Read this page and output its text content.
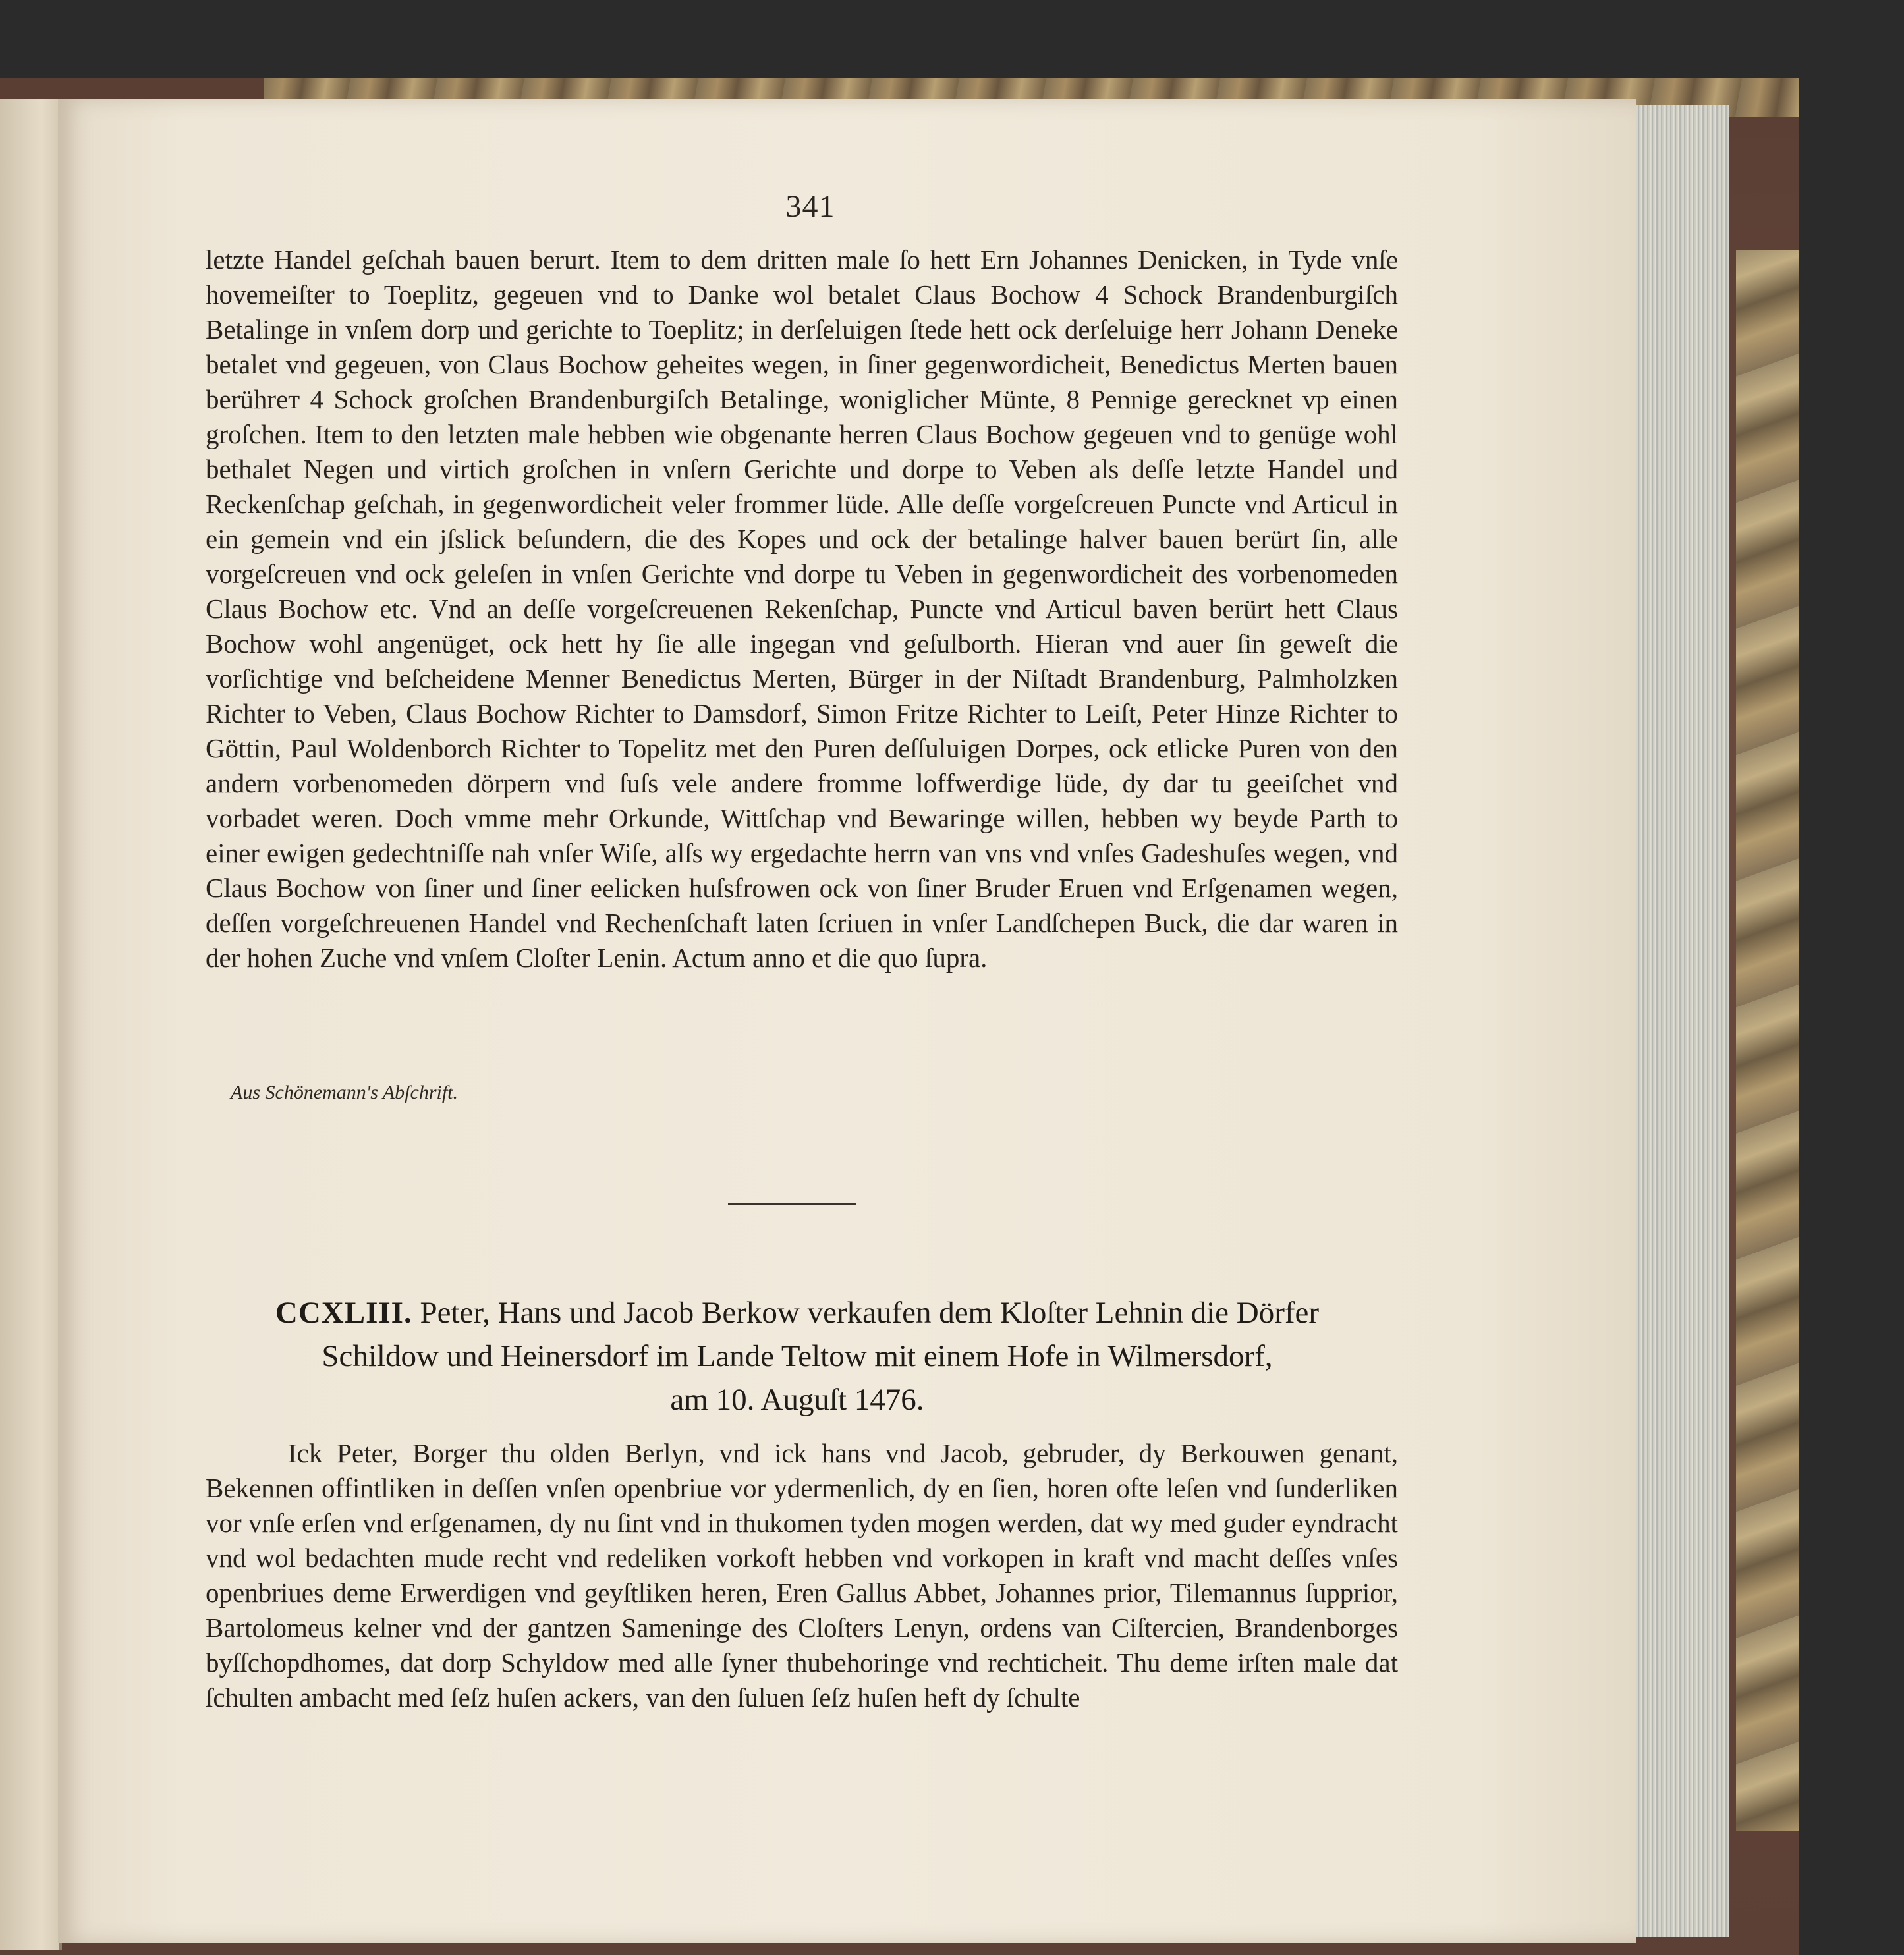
341

letzte Handel geſchah bauen berurt. Item to dem dritten male ſo hett Ern Johannes Denicken, in Tyde vnſe hovemeiſter to Toeplitz, gegeuen vnd to Danke wol betalet Claus Bochow 4 Schock Brandenburgiſch Betalinge in vnſem dorp und gerichte to Toeplitz; in derſeluigen ſtede hett ock derſeluige herr Johann Deneke betalet vnd gegeuen, von Claus Bochow geheites wegen, in ſiner gegenwordicheit, Benedictus Merten bauen berührет 4 Schock groſchen Brandenburgiſch Betalinge, woniglicher Münte, 8 Pennige gerecknet vp einen groſchen. Item to den letzten male hebben wie obgenante herren Claus Bochow gegeuen vnd to genüge wohl bethalet Negen und virtich groſchen in vnſern Gerichte und dorpe to Veben als deſſe letzte Handel und Reckenſchap geſchah, in gegenwordicheit veler frommer lüde. Alle deſſe vorgeſcreuen Puncte vnd Articul in ein gemein vnd ein jſslick beſundern, die des Kopes und ock der betalinge halver bauen berürt ſin, alle vorgeſcreuen vnd ock geleſen in vnſen Gerichte vnd dorpe tu Veben in gegenwordicheit des vorbenomeden Claus Bochow etc. Vnd an deſſe vorgeſcreuenen Rekenſchap, Puncte vnd Articul baven berürt hett Claus Bochow wohl angenüget, ock hett hy ſie alle ingegan vnd geſulborth. Hieran vnd auer ſin geweſt die vorſichtige vnd beſcheidene Menner Benedictus Merten, Bürger in der Niſtadt Brandenburg, Palmholzken Richter to Veben, Claus Bochow Richter to Damsdorf, Simon Fritze Richter to Leiſt, Peter Hinze Richter to Göttin, Paul Woldenborch Richter to Topelitz met den Puren deſſuluigen Dorpes, ock etlicke Puren von den andern vorbenomeden dörpern vnd ſuſs vele andere fromme loffwerdige lüde, dy dar tu geeiſchet vnd vorbadet weren. Doch vmme mehr Orkunde, Wittſchap vnd Bewaringe willen, hebben wy beyde Parth to einer ewigen gedechtniſſe nah vnſer Wiſe, alſs wy ergedachte herrn van vns vnd vnſes Gadeshuſes wegen, vnd Claus Bochow von ſiner und ſiner eelicken huſsfrowen ock von ſiner Bruder Eruen vnd Erſgenamen wegen, deſſen vorgeſchreuenen Handel vnd Rechenſchaft laten ſcriuen in vnſer Landſchepen Buck, die dar waren in der hohen Zuche vnd vnſem Cloſter Lenin. Actum anno et die quo ſupra.

Aus Schönemann's Abſchrift.
CCXLIII. Peter, Hans und Jacob Berkow verkaufen dem Kloſter Lehnin die Dörfer
Schildow und Heinersdorf im Lande Teltow mit einem Hofe in Wilmersdorf,
am 10. Auguſt 1476.

Ick Peter, Borger thu olden Berlyn, vnd ick hans vnd Jacob, gebruder, dy Berkouwen genant, Bekennen offintliken in deſſen vnſen openbriue vor ydermenlich, dy en ſien, horen ofte leſen vnd ſunderliken vor vnſe erſen vnd erſgenamen, dy nu ſint vnd in thukomen tyden mogen werden, dat wy med guder eyndracht vnd wol bedachten mude recht vnd redeliken vorkoft hebben vnd vorkopen in kraft vnd macht deſſes vnſes openbriues deme Erwerdigen vnd geyſtliken heren, Eren Gallus Abbet, Johannes prior, Tilemannus ſupprior, Bartolomeus kelner vnd der gantzen Sameninge des Cloſters Lenyn, ordens van Ciſtercien, Brandenborges byſſchopdhomes, dat dorp Schyldow med alle ſyner thubehoringe vnd rechticheit. Thu deme irſten male dat ſchulten ambacht med ſeſz huſen ackers, van den ſuluen ſeſz huſen heft dy ſchulte
